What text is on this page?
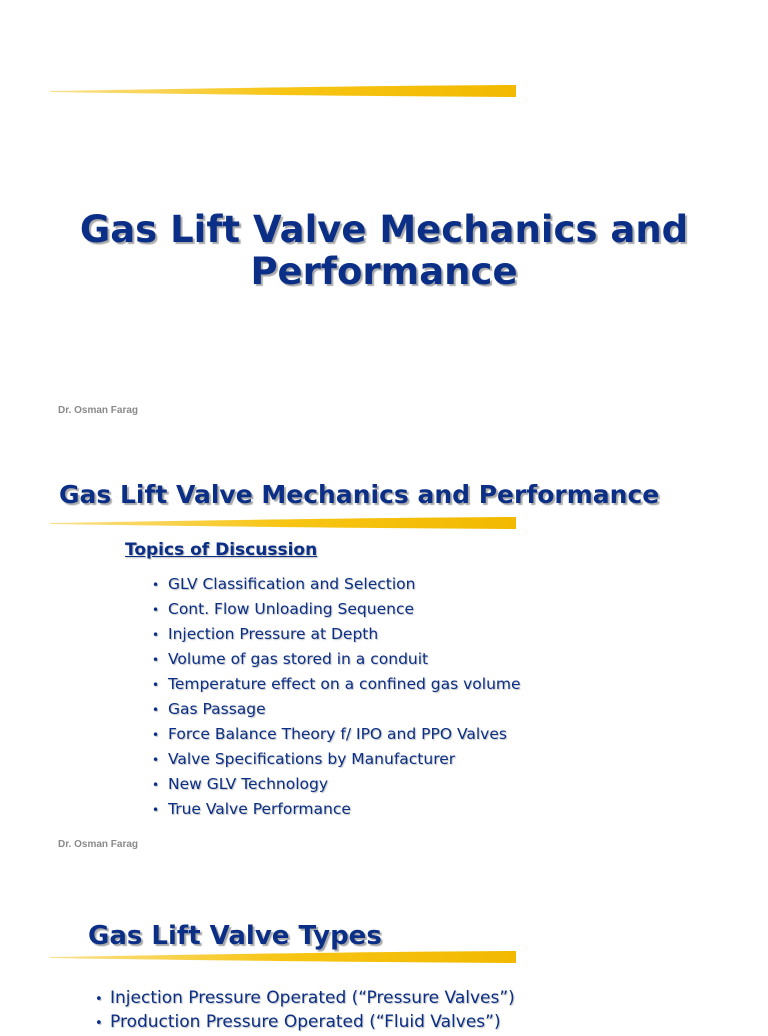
Gas Lift Valve Mechanics and Performance
Dr. Osman Farag
Gas Lift Valve Mechanics and Performance
Topics of Discussion
• GLV Classification and Selection
• Cont. Flow Unloading Sequence
• Injection Pressure at Depth
• Volume of gas stored in a conduit
• Temperature effect on a confined gas volume
• Gas Passage
• Force Balance Theory f/ IPO and PPO Valves
• Valve Specifications by Manufacturer
• New GLV Technology
• True Valve Performance
Dr. Osman Farag
Gas Lift Valve Types
• Injection Pressure Operated (“Pressure Valves”)
• Production Pressure Operated (“Fluid Valves”)
